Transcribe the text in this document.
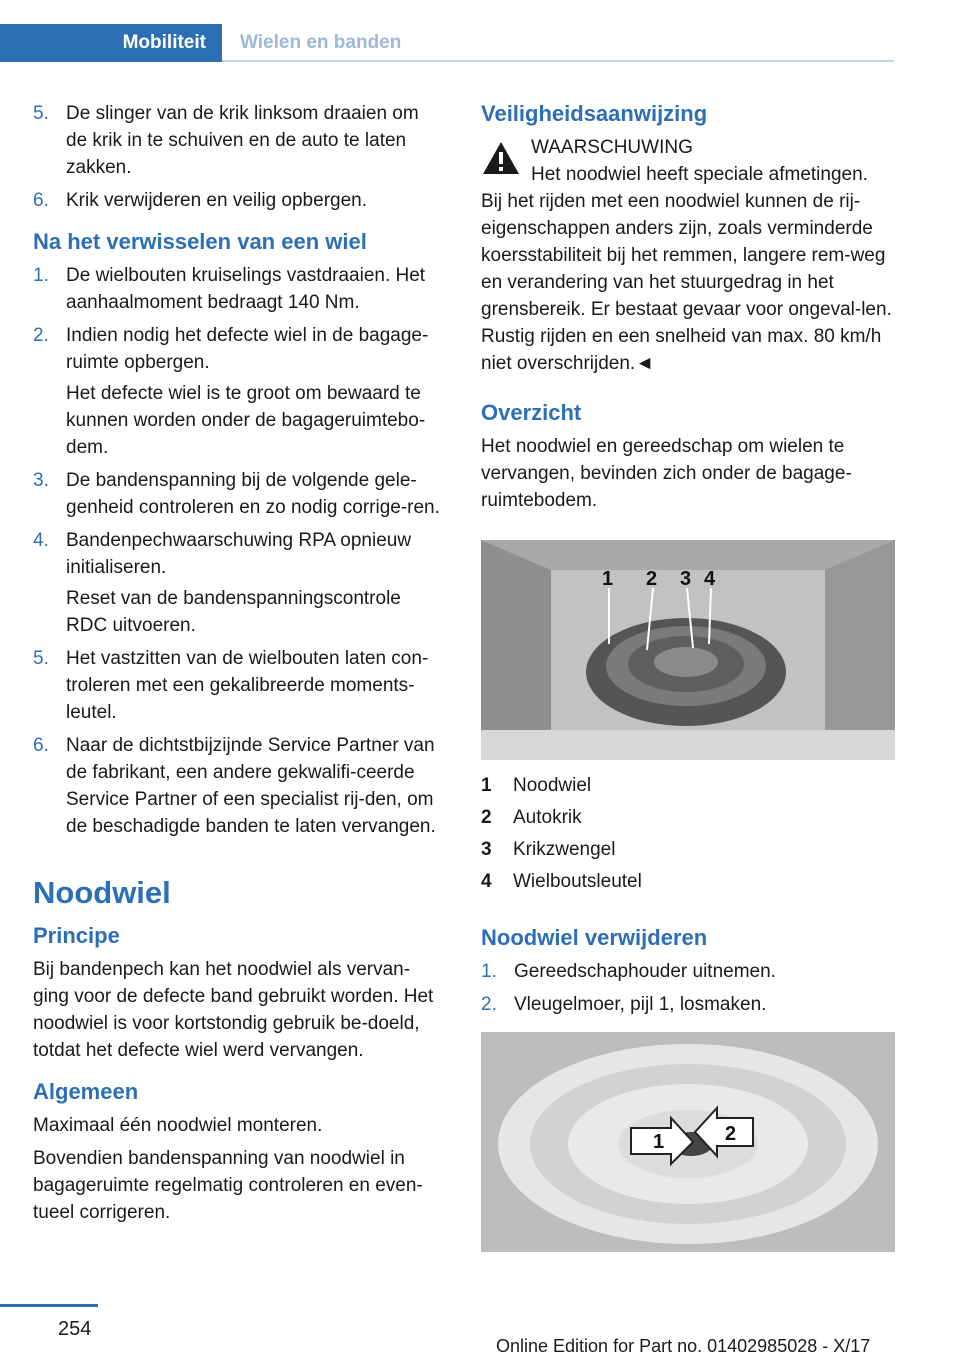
Mobiliteit	Wielen en banden
5. De slinger van de krik linksom draaien om de krik in te schuiven en de auto te laten zakken.
6. Krik verwijderen en veilig opbergen.
Na het verwisselen van een wiel
1. De wielbouten kruiselings vastdraaien. Het aanhaalmoment bedraagt 140 Nm.
2. Indien nodig het defecte wiel in de bagage-ruimte opbergen.
Het defecte wiel is te groot om bewaard te kunnen worden onder de bagageruimtebo-dem.
3. De bandenspanning bij de volgende gele-genheid controleren en zo nodig corrige-ren.
4. Bandenpechwaarschuwing RPA opnieuw initialiseren.
Reset van de bandenspanningscontrole RDC uitvoeren.
5. Het vastzitten van de wielbouten laten con-troleren met een gekalibreerde moments-leutel.
6. Naar de dichtstbijzijnde Service Partner van de fabrikant, een andere gekwalifi-ceerde Service Partner of een specialist rij-den, om de beschadigde banden te laten vervangen.
Noodwiel
Principe

Bij bandenpech kan het noodwiel als vervan-ging voor de defecte band gebruikt worden. Het noodwiel is voor kortstondig gebruik be-doeld, totdat het defecte wiel werd vervangen.

Algemeen

Maximaal één noodwiel monteren.

Bovendien bandenspanning van noodwiel in bagageruimte regelmatig controleren en even-tueel corrigeren.

Veiligheidsaanwijzing
WAARSCHUWING
Het noodwiel heeft speciale afmetingen.

Bij het rijden met een noodwiel kunnen de rij-eigenschappen anders zijn, zoals verminderde koersstabiliteit bij het remmen, langere rem-weg en verandering van het stuurgedrag in het grensbereik. Er bestaat gevaar voor ongeval-len. Rustig rijden en een snelheid van max. 80 km/h niet overschrijden.◄

Overzicht

Het noodwiel en gereedschap om wielen te vervangen, bevinden zich onder de bagage-ruimtebodem.

1 2 3 4
1 Noodwiel
2 Autokrik
3 Krikzwengel
4 Wielboutsleutel
Noodwiel verwijderen
1. Gereedschaphouder uitnemen.
2. Vleugelmoer, pijl 1, losmaken.
1	2
254
Online Edition for Part no. 01402985028 - X/17
